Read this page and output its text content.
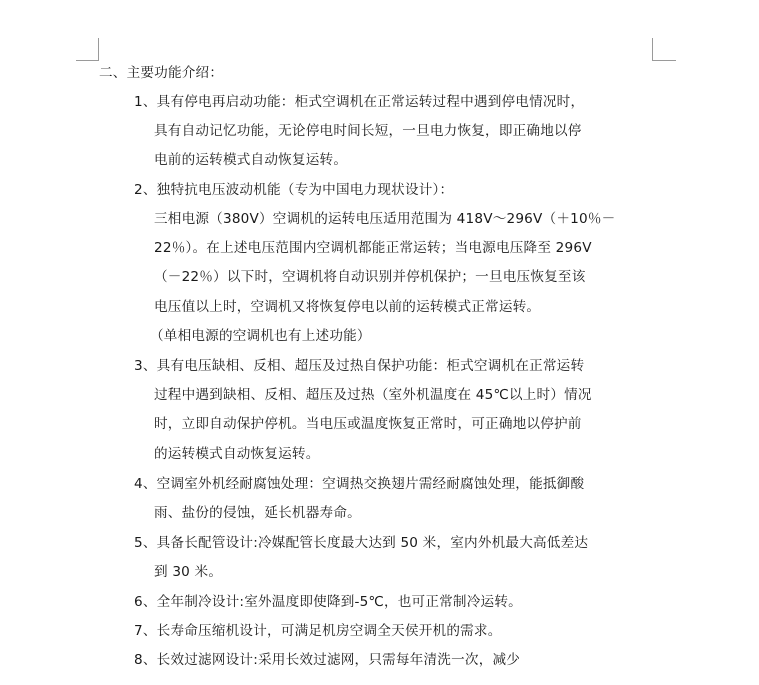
二、主要功能介绍：
1、具有停电再启动功能：柜式空调机在正常运转过程中遇到停电情况时，
具有自动记忆功能，无论停电时间长短，一旦电力恢复，即正确地以停
电前的运转模式自动恢复运转。
2、独特抗电压波动机能（专为中国电力现状设计）：
三相电源（380V）空调机的运转电压适用范围为 418V～296V（＋10％－
22％）。在上述电压范围内空调机都能正常运转；当电源电压降至 296V
（－22％）以下时，空调机将自动识别并停机保护；一旦电压恢复至该
电压值以上时，空调机又将恢复停电以前的运转模式正常运转。
（单相电源的空调机也有上述功能）
3、具有电压缺相、反相、超压及过热自保护功能：柜式空调机在正常运转
过程中遇到缺相、反相、超压及过热（室外机温度在 45℃以上时）情况
时，立即自动保护停机。当电压或温度恢复正常时，可正确地以停护前
的运转模式自动恢复运转。
4、空调室外机经耐腐蚀处理：空调热交换翅片需经耐腐蚀处理，能抵御酸
雨、盐份的侵蚀，延长机器寿命。
5、具备长配管设计:冷媒配管长度最大达到 50 米，室内外机最大高低差达
到 30 米。
6、全年制冷设计:室外温度即使降到-5℃，也可正常制冷运转。
7、长寿命压缩机设计，可满足机房空调全天侯开机的需求。
8、长效过滤网设计:采用长效过滤网，只需每年清洗一次，减少
